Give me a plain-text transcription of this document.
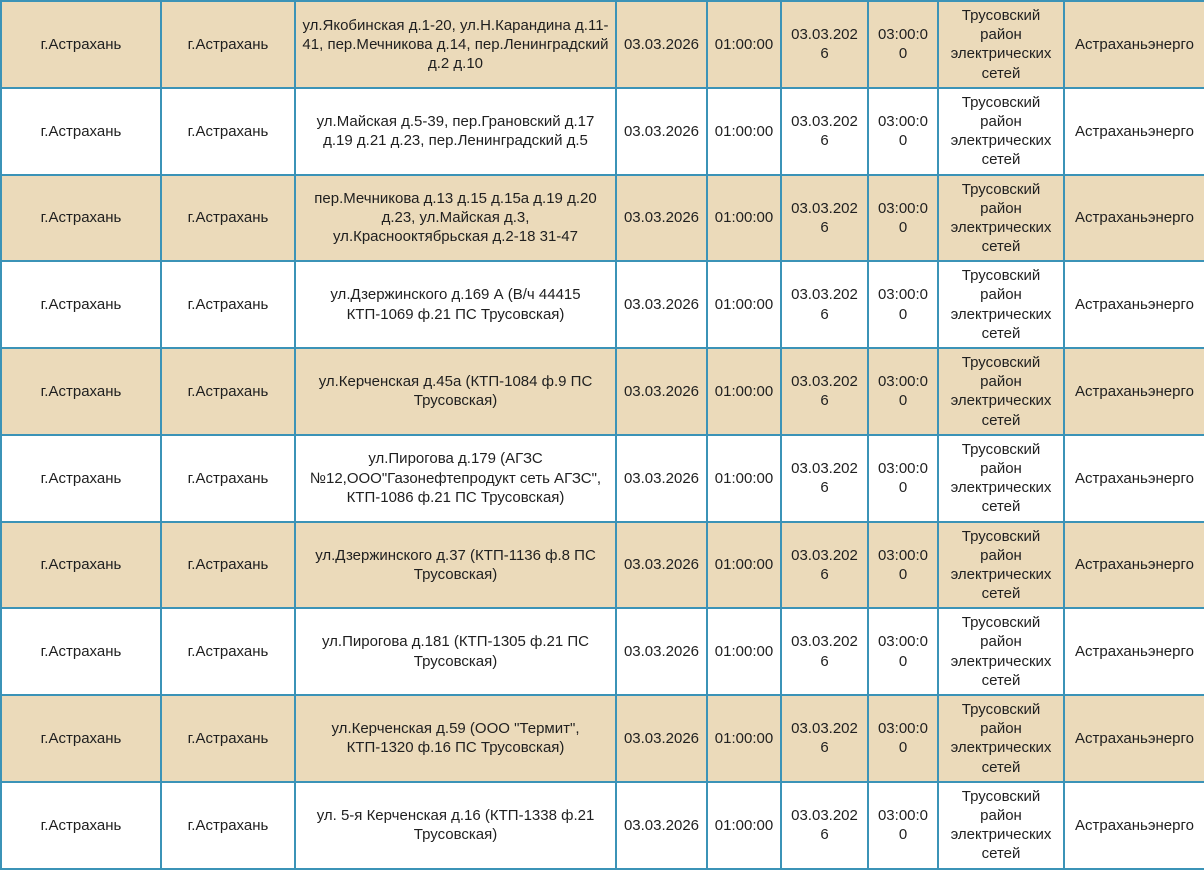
г.Астрахань	г.Астрахань	ул.Якобинская д.1-20, ул.Н.Карандина д.11-41, пер.Мечникова д.14, пер.Ленинградский д.2 д.10	03.03.2026	01:00:00	03.03.2026	03:00:00	Трусовский район электрических сетей	Астраханьэнерго
г.Астрахань	г.Астрахань	ул.Майская д.5-39, пер.Грановский д.17 д.19 д.21 д.23, пер.Ленинградский д.5	03.03.2026	01:00:00	03.03.2026	03:00:00	Трусовский район электрических сетей	Астраханьэнерго
г.Астрахань	г.Астрахань	пер.Мечникова д.13 д.15 д.15а д.19 д.20 д.23, ул.Майская д.3, ул.Краснооктябрьская д.2-18 31-47	03.03.2026	01:00:00	03.03.2026	03:00:00	Трусовский район электрических сетей	Астраханьэнерго
г.Астрахань	г.Астрахань	ул.Дзержинского д.169 А (В/ч 44415 КТП-1069 ф.21 ПС Трусовская)	03.03.2026	01:00:00	03.03.2026	03:00:00	Трусовский район электрических сетей	Астраханьэнерго
г.Астрахань	г.Астрахань	ул.Керченская д.45а (КТП-1084 ф.9 ПС Трусовская)	03.03.2026	01:00:00	03.03.2026	03:00:00	Трусовский район электрических сетей	Астраханьэнерго
г.Астрахань	г.Астрахань	ул.Пирогова д.179 (АГЗС №12,ООО"Газонефтепродукт сеть АГЗС", КТП-1086 ф.21 ПС Трусовская)	03.03.2026	01:00:00	03.03.2026	03:00:00	Трусовский район электрических сетей	Астраханьэнерго
г.Астрахань	г.Астрахань	ул.Дзержинского д.37 (КТП-1136 ф.8 ПС Трусовская)	03.03.2026	01:00:00	03.03.2026	03:00:00	Трусовский район электрических сетей	Астраханьэнерго
г.Астрахань	г.Астрахань	ул.Пирогова д.181 (КТП-1305 ф.21 ПС Трусовская)	03.03.2026	01:00:00	03.03.2026	03:00:00	Трусовский район электрических сетей	Астраханьэнерго
г.Астрахань	г.Астрахань	ул.Керченская д.59 (ООО "Термит", КТП-1320 ф.16 ПС Трусовская)	03.03.2026	01:00:00	03.03.2026	03:00:00	Трусовский район электрических сетей	Астраханьэнерго
г.Астрахань	г.Астрахань	ул. 5-я Керченская д.16 (КТП-1338 ф.21 Трусовская)	03.03.2026	01:00:00	03.03.2026	03:00:00	Трусовский район электрических сетей	Астраханьэнерго
